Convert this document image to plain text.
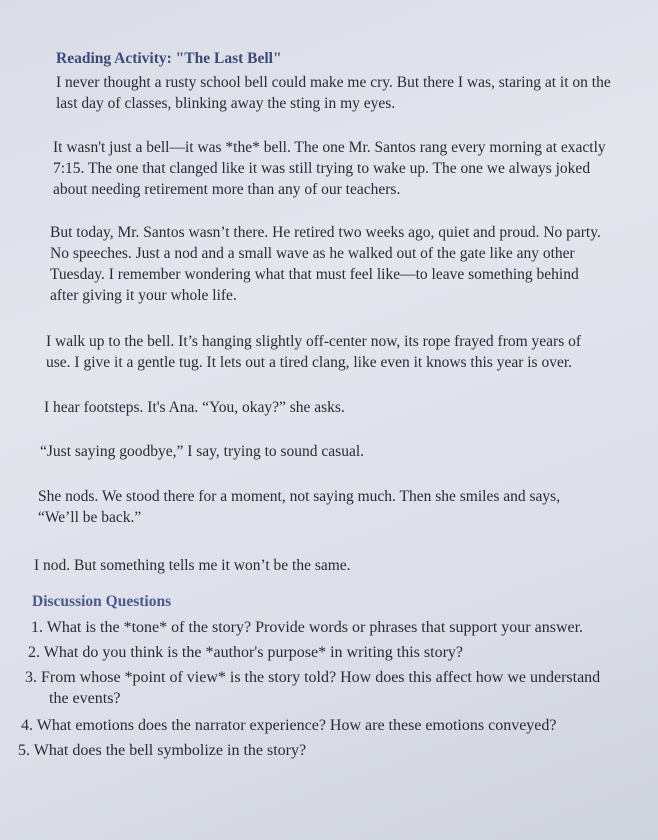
Reading Activity: "The Last Bell"

I never thought a rusty school bell could make me cry. But there I was, staring at it on the
last day of classes, blinking away the sting in my eyes.

It wasn't just a bell—it was *the* bell. The one Mr. Santos rang every morning at exactly
7:15. The one that clanged like it was still trying to wake up. The one we always joked
about needing retirement more than any of our teachers.

But today, Mr. Santos wasn’t there. He retired two weeks ago, quiet and proud. No party.
No speeches. Just a nod and a small wave as he walked out of the gate like any other
Tuesday. I remember wondering what that must feel like—to leave something behind
after giving it your whole life.

I walk up to the bell. It’s hanging slightly off-center now, its rope frayed from years of
use. I give it a gentle tug. It lets out a tired clang, like even it knows this year is over.

I hear footsteps. It's Ana. “You, okay?” she asks.

“Just saying goodbye,” I say, trying to sound casual.

She nods. We stood there for a moment, not saying much. Then she smiles and says,
“We’ll be back.”

I nod. But something tells me it won’t be the same.

Discussion Questions
1. What is the *tone* of the story? Provide words or phrases that support your answer.
2. What do you think is the *author's purpose* in writing this story?
3. From whose *point of view* is the story told? How does this affect how we understand
the events?
4. What emotions does the narrator experience? How are these emotions conveyed?
5. What does the bell symbolize in the story?
